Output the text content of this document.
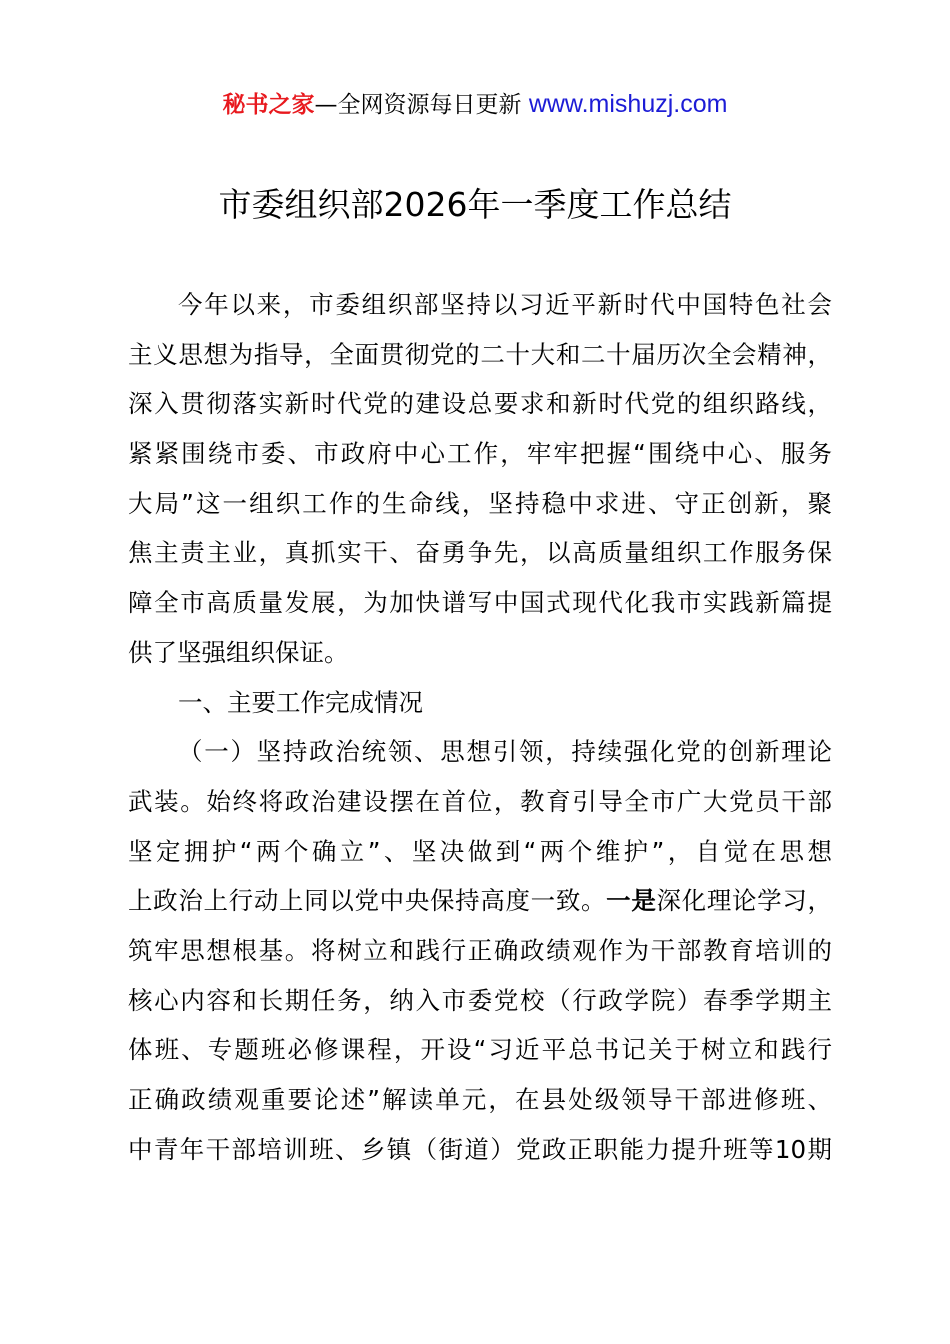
秘书之家—全网资源每日更新 www.mishuzj.com
市委组织部2026年一季度工作总结
今年以来，市委组织部坚持以习近平新时代中国特色社会
主义思想为指导，全面贯彻党的二十大和二十届历次全会精神，
深入贯彻落实新时代党的建设总要求和新时代党的组织路线，
紧紧围绕市委、市政府中心工作，牢牢把握“围绕中心、服务
大局”这一组织工作的生命线，坚持稳中求进、守正创新，聚
焦主责主业，真抓实干、奋勇争先，以高质量组织工作服务保
障全市高质量发展，为加快谱写中国式现代化我市实践新篇提
供了坚强组织保证。
一、主要工作完成情况
（一）坚持政治统领、思想引领，持续强化党的创新理论
武装。始终将政治建设摆在首位，教育引导全市广大党员干部
坚定拥护“两个确立”、坚决做到“两个维护”，自觉在思想
上政治上行动上同以党中央保持高度一致。一是深化理论学习，
筑牢思想根基。将树立和践行正确政绩观作为干部教育培训的
核心内容和长期任务，纳入市委党校（行政学院）春季学期主
体班、专题班必修课程，开设“习近平总书记关于树立和践行
正确政绩观重要论述”解读单元，在县处级领导干部进修班、
中青年干部培训班、乡镇（街道）党政正职能力提升班等10期
